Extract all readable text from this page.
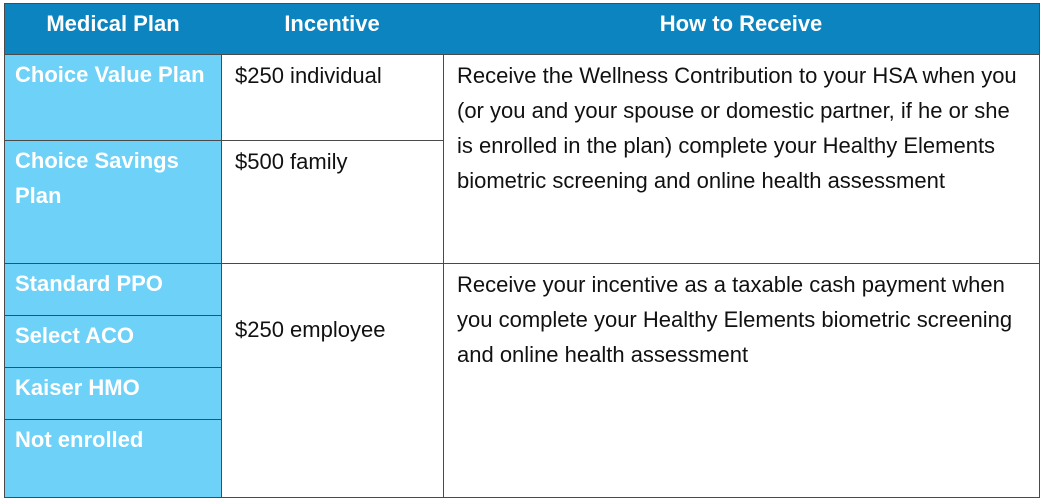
Medical Plan	Incentive	How to Receive
Choice Value Plan
Choice Savings Plan
Standard PPO
Select ACO
Kaiser HMO
Not enrolled
$250 individual
$500 family
$250 employee
Receive the Wellness Contribution to your HSA when you (or you and your spouse or domestic partner, if he or she is enrolled in the plan) complete your Healthy Elements biometric screening and online health assessment
Receive your incentive as a taxable cash payment when you complete your Healthy Elements biometric screening and online health assessment
